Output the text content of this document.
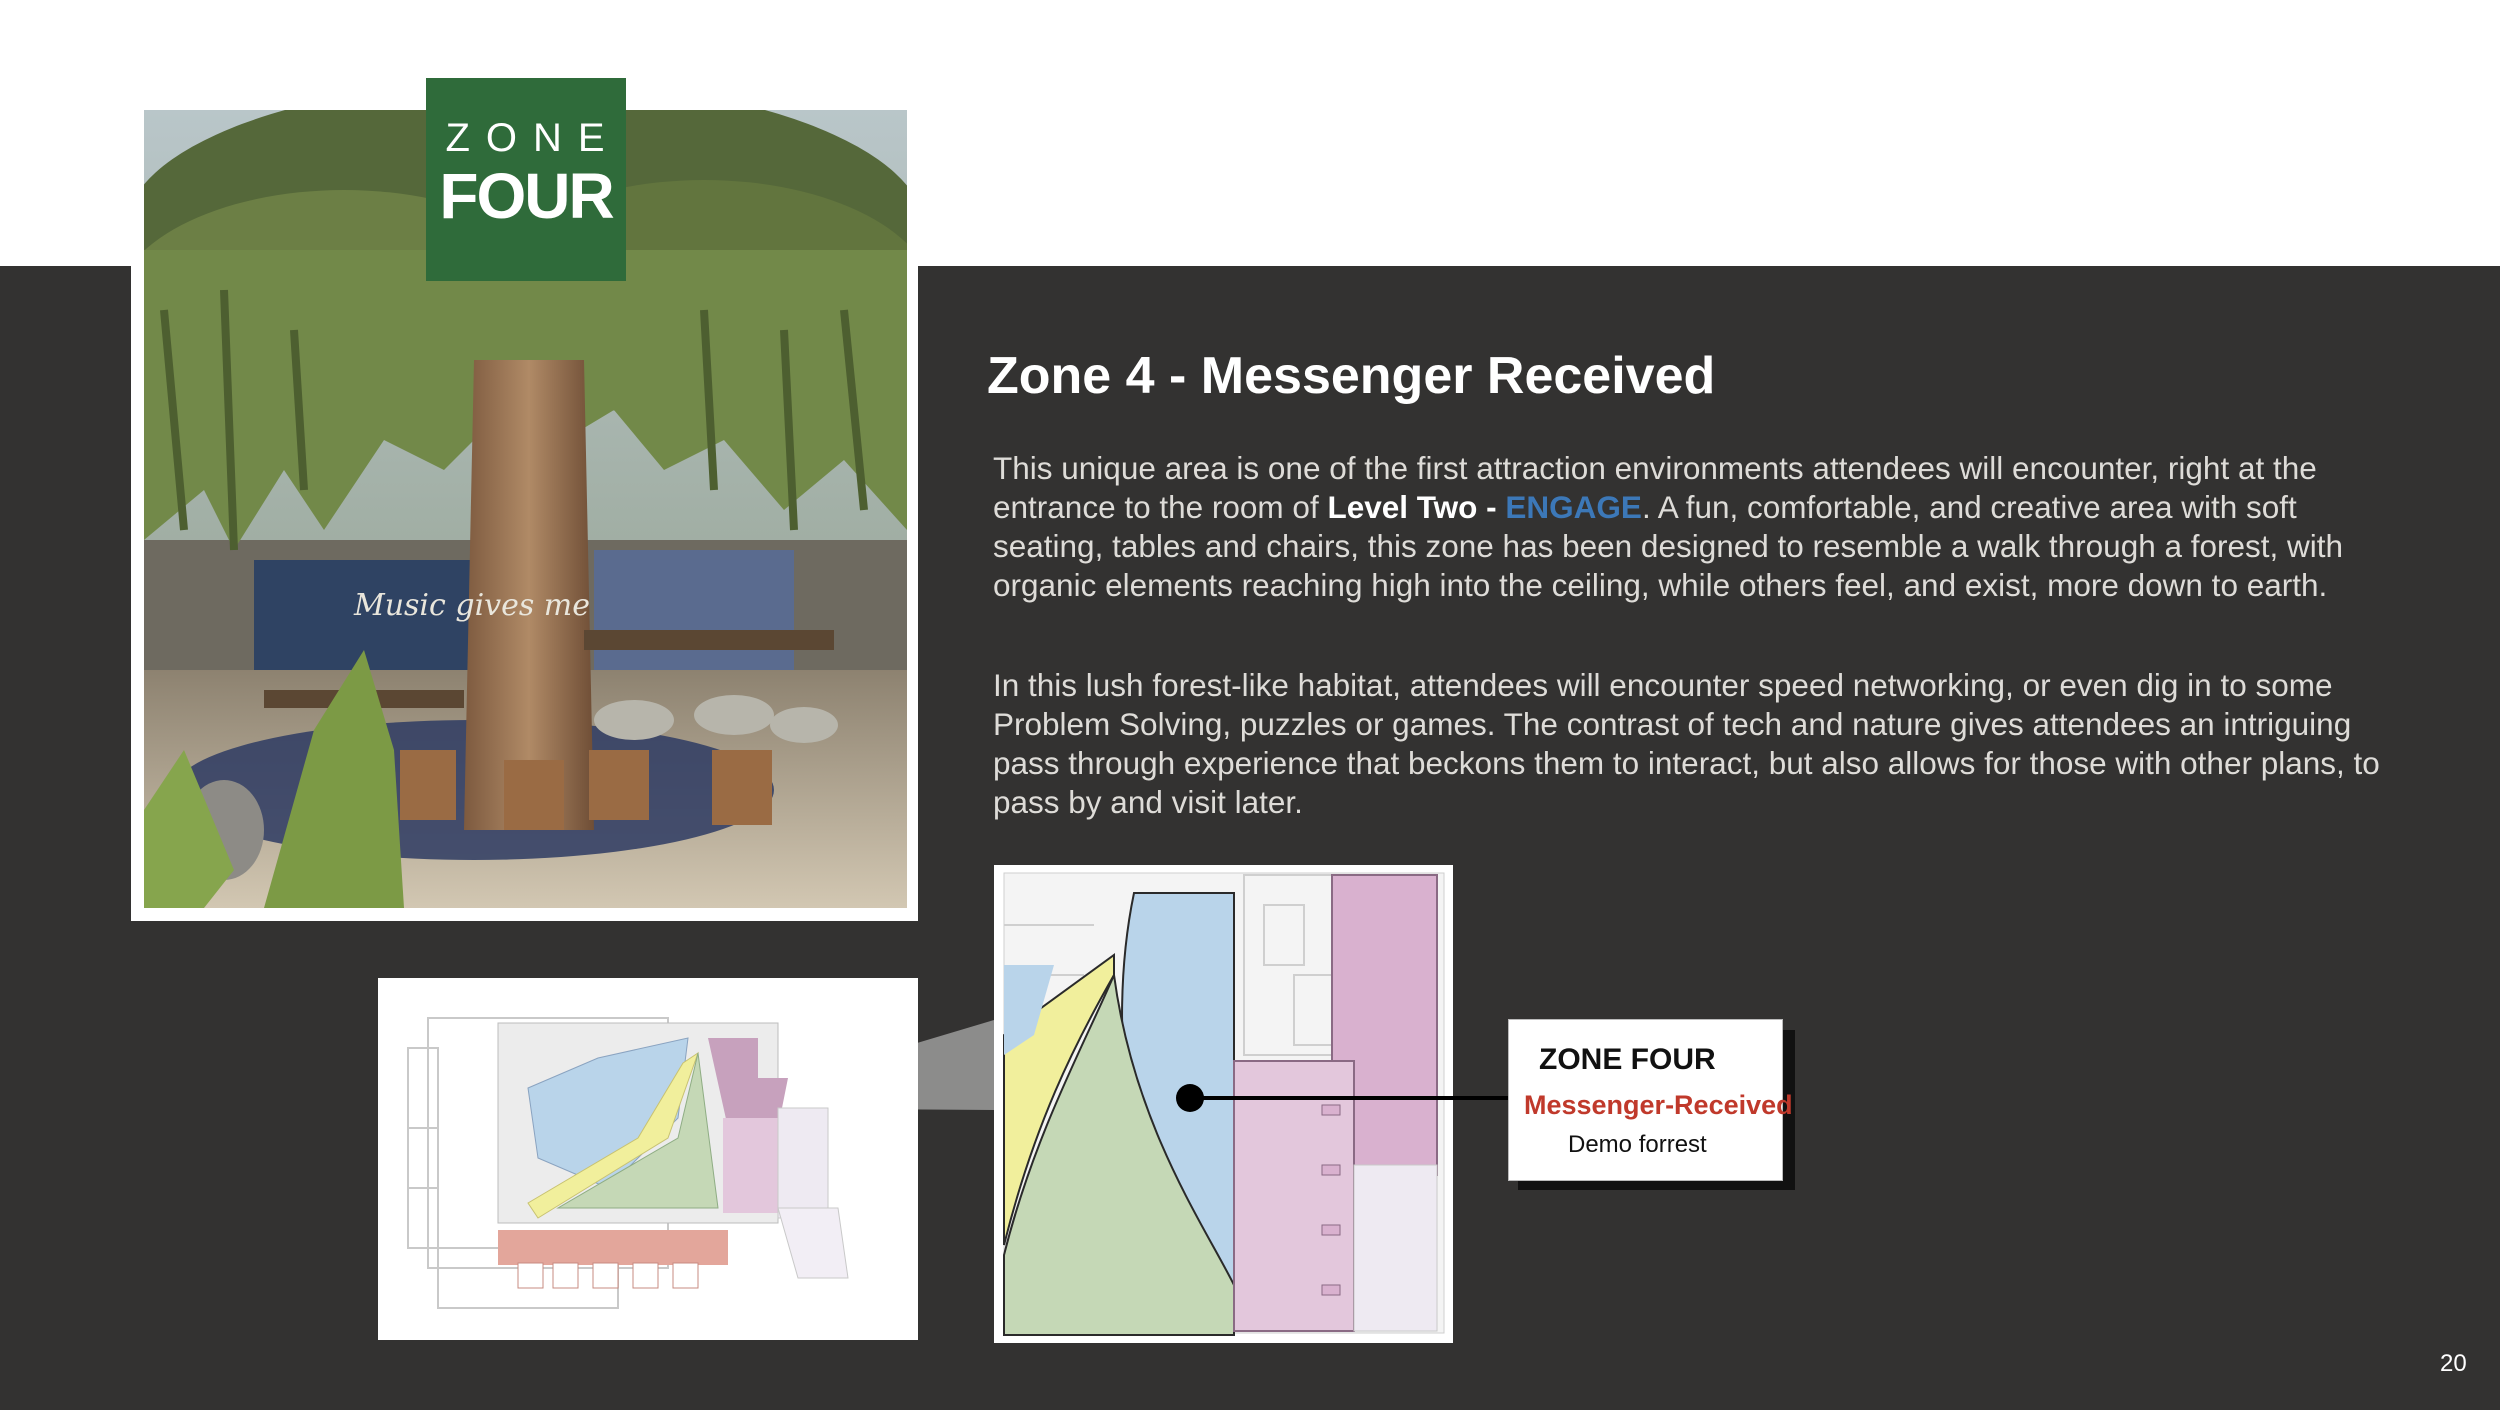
Music gives me
ZONE
FOUR
Zone 4 - Messenger Received

This unique area is one of the first attraction environments attendees will encounter, right at the entrance to the room of Level Two - ENGAGE. A fun, comfortable, and creative area with soft seating, tables and chairs, this zone has been designed to resemble a walk through a forest, with organic elements reaching high into the ceiling, while others feel, and exist, more down to earth.

In this lush forest-like habitat, attendees will encounter speed networking, or even dig in to some Problem Solving, puzzles or games. The contrast of tech and nature gives attendees an intriguing pass through experience that beckons them to interact, but also allows for those with other plans, to pass by and visit later.

ZONE FOUR
Messenger-Received
Demo forrest
20
